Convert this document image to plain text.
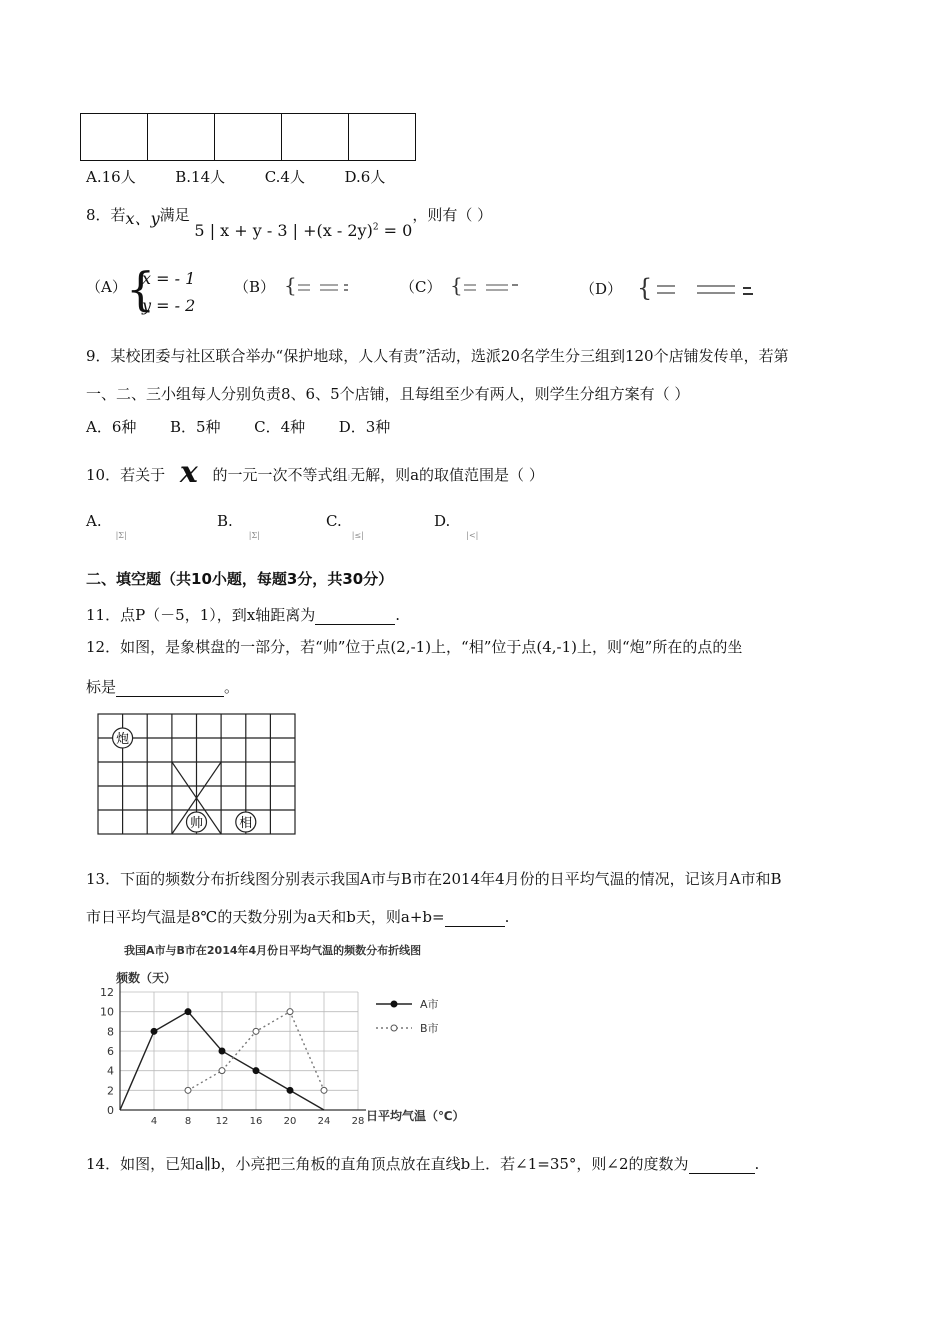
A.16人	B.14人	C.4人	D.6人
8．若x、y满足 5 | x + y - 3 | +(x - 2y)$^2$ = 0，则有（ ）
（A） {
x = - 1
y = - 2
（B） {	（C） {	（D） {
9．某校团委与社区联合举办“保护地球，人人有责”活动，选派20名学生分三组到120个店铺发传单，若第
一、二、三小组每人分别负责8、6、5个店铺，且每组至少有两人，则学生分组方案有（ ）
A．6种 B．5种 C．4种 D．3种
10．若关于 x 的一元一次不等式组⁝无解，则a的取值范围是（ ）
$A._{|\Sigma|}$
$B._{|\Sigma|}$
$C._{|\le|}$
$D._{|<|}$
二、填空题（共10小题，每题3分，共30分）
11．点P（－5，1），到x轴距离为	.
12．如图，是象棋盘的一部分，若“帅”位于点(2,-1)上，“相”位于点(4,-1)上，则“炮”所在的点的坐
标是	。
炮
帅	相
13．下面的频数分布折线图分别表示我国A市与B市在2014年4月份的日平均气温的情况，记该月A市和B
市日平均气温是8℃的天数分别为a天和b天，则a+b=	.
我国A市与B市在2014年4月份日平均气温的频数分布折线图
频数（天）
日平均气温（℃）
0
2
4
6
8
10
12
4	8 12 16 20 24 28
A市
B市
14．如图，已知a∥b，小亮把三角板的直角顶点放在直线b上．若∠1=35°，则∠2的度数为	.
